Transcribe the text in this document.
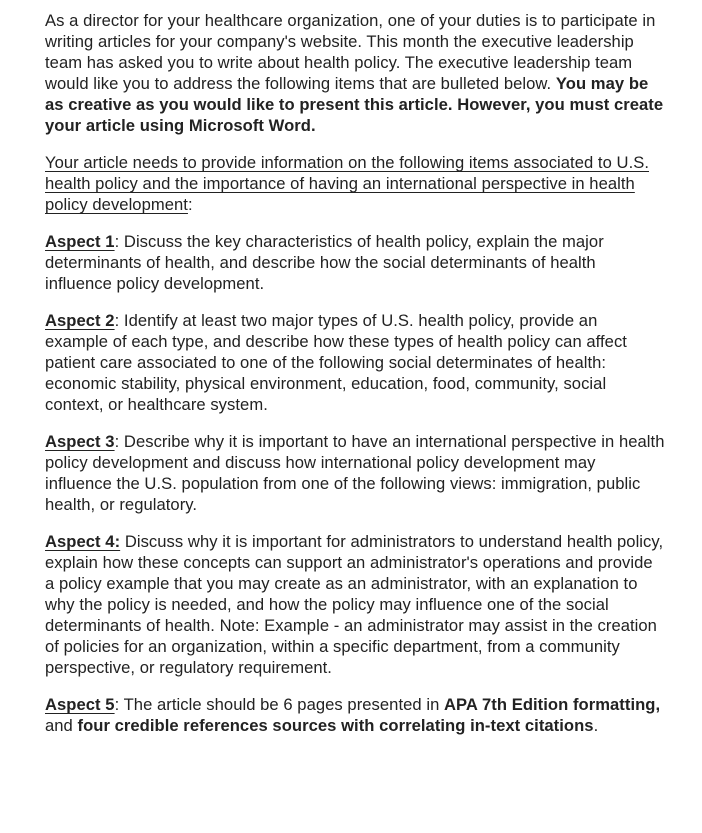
As a director for your healthcare organization, one of your duties is to participate in writing articles for your company's website. This month the executive leadership team has asked you to write about health policy. The executive leadership team would like you to address the following items that are bulleted below. You may be as creative as you would like to present this article. However, you must create your article using Microsoft Word.

Your article needs to provide information on the following items associated to U.S. health policy and the importance of having an international perspective in health policy development:

Aspect 1: Discuss the key characteristics of health policy, explain the major determinants of health, and describe how the social determinants of health influence policy development.

Aspect 2: Identify at least two major types of U.S. health policy, provide an example of each type, and describe how these types of health policy can affect patient care associated to one of the following social determinates of health: economic stability, physical environment, education, food, community, social context, or healthcare system.

Aspect 3: Describe why it is important to have an international perspective in health policy development and discuss how international policy development may influence the U.S. population from one of the following views: immigration, public health, or regulatory.

Aspect 4: Discuss why it is important for administrators to understand health policy, explain how these concepts can support an administrator's operations and provide a policy example that you may create as an administrator, with an explanation to why the policy is needed, and how the policy may influence one of the social determinants of health. Note: Example - an administrator may assist in the creation of policies for an organization, within a specific department, from a community perspective, or regulatory requirement.

Aspect 5: The article should be 6 pages presented in APA 7th Edition formatting, and four credible references sources with correlating in-text citations.
